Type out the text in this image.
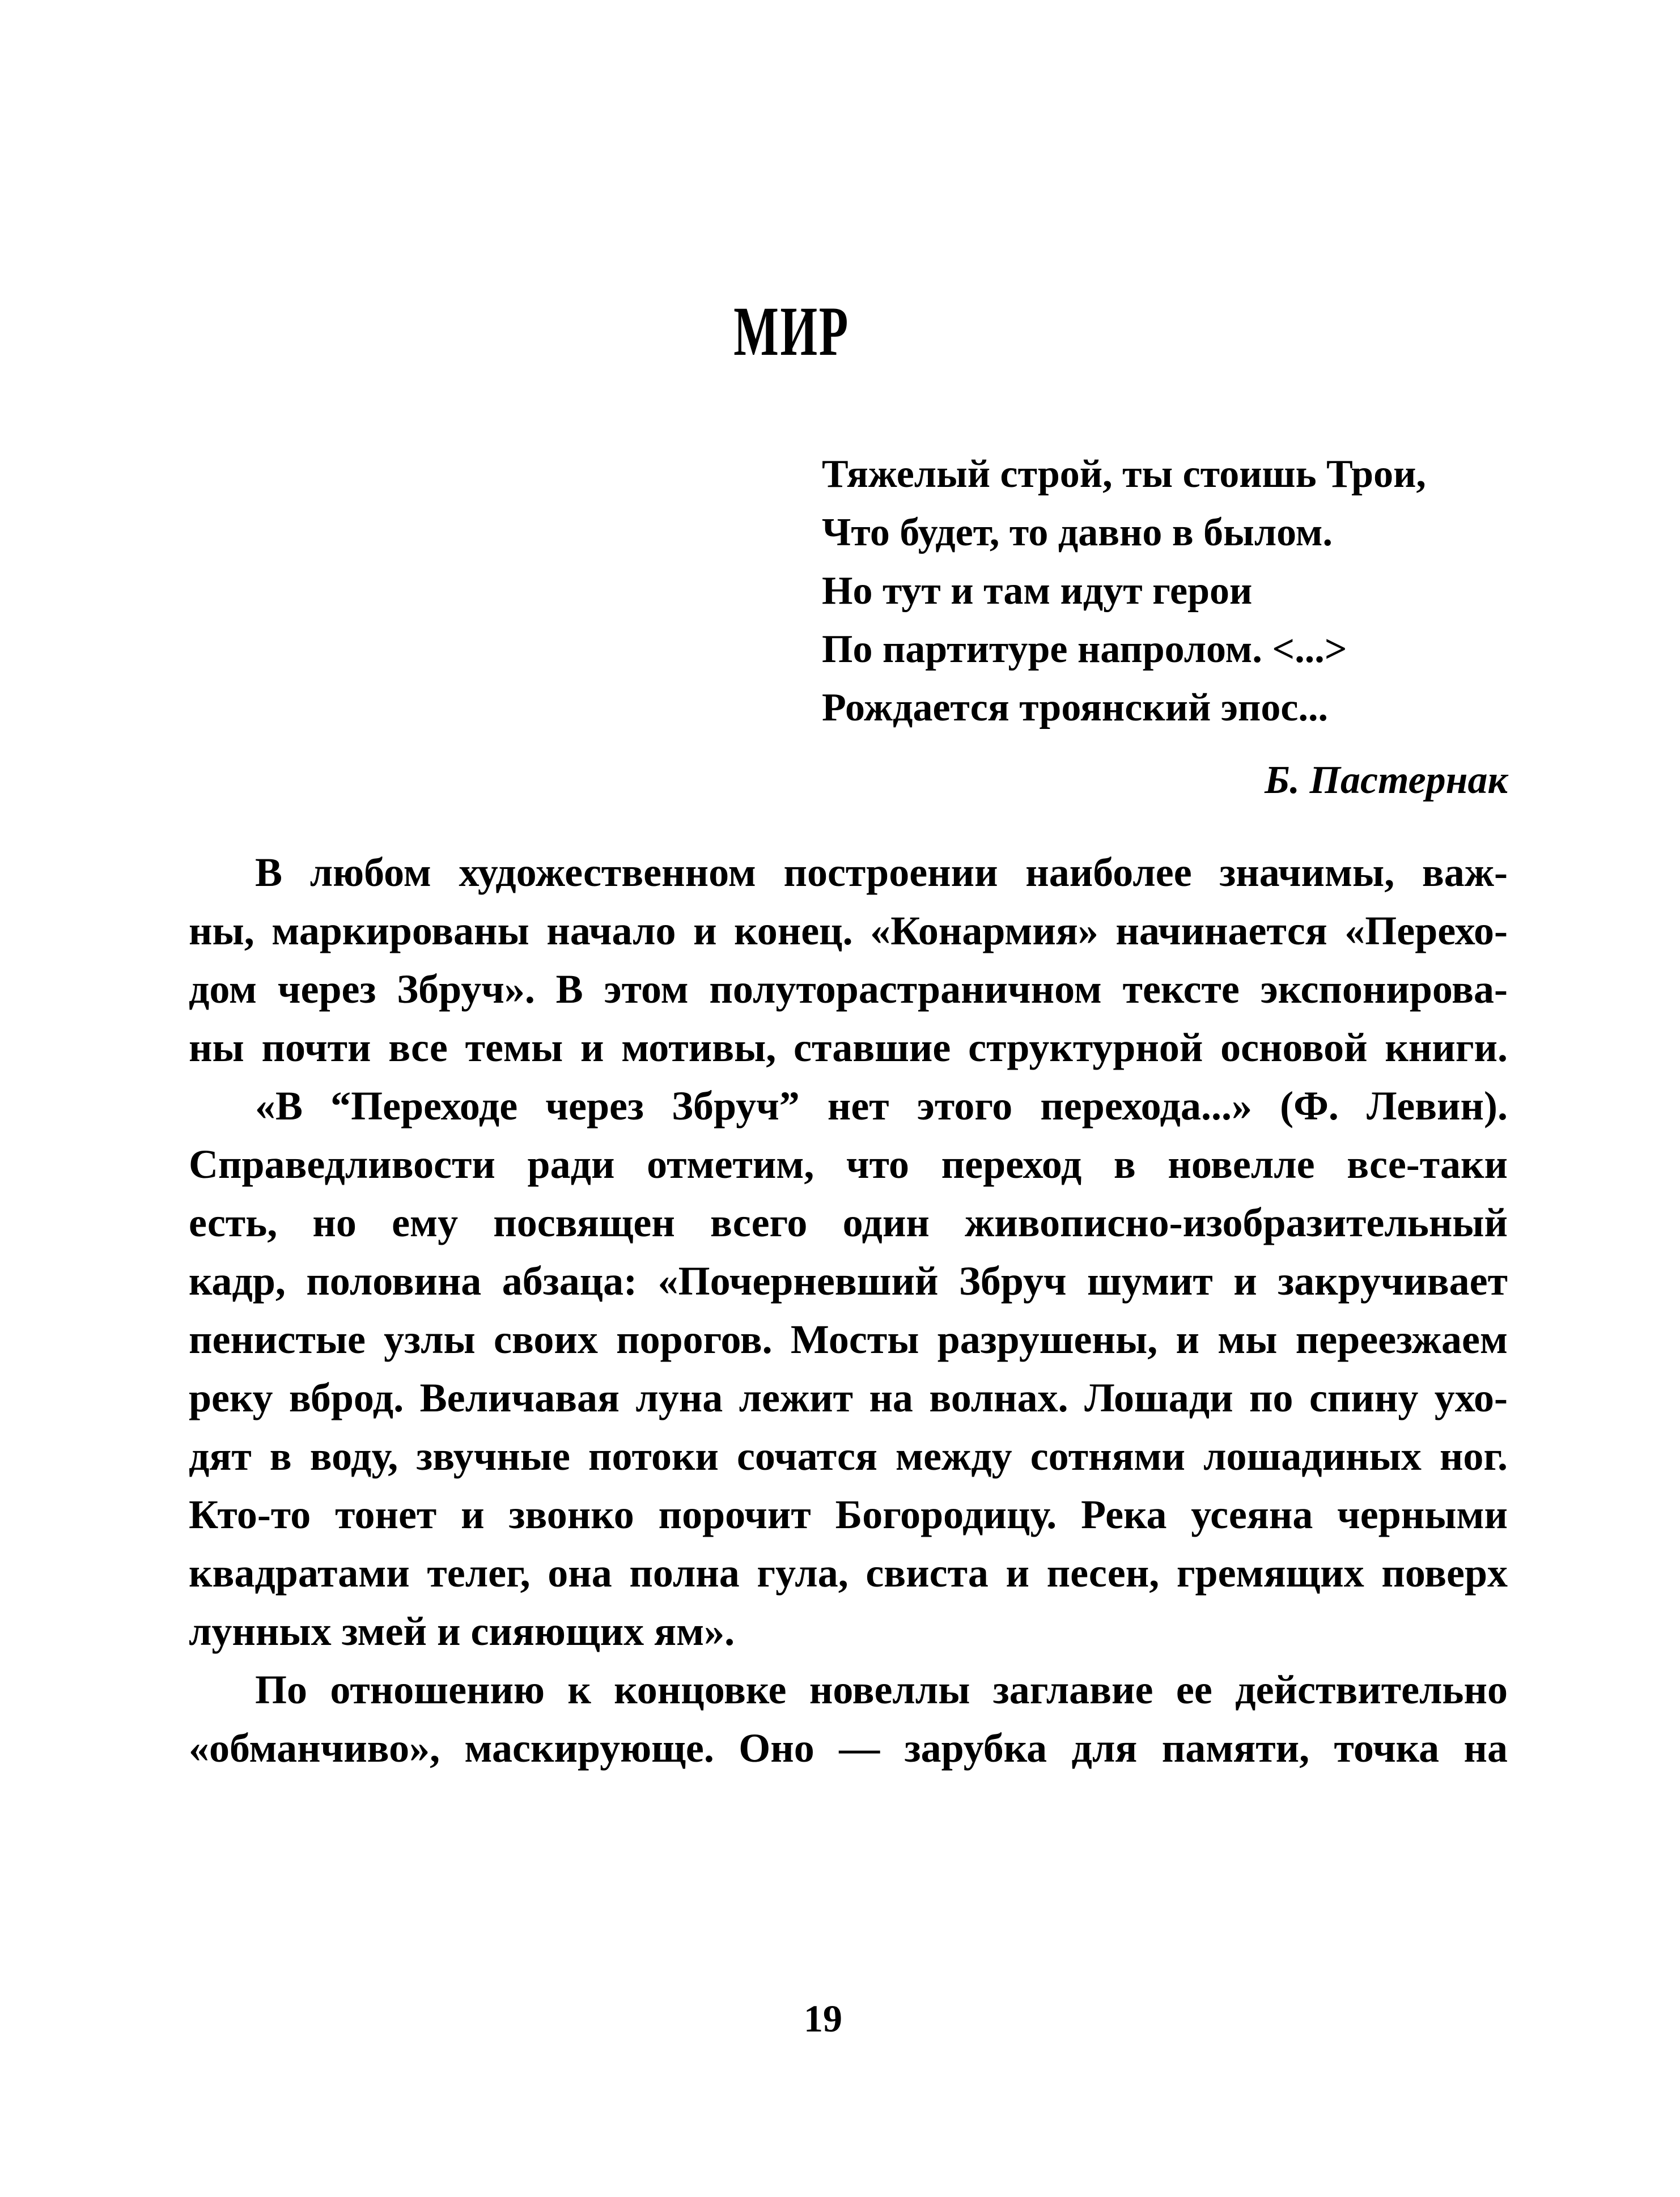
МИР
Тяжелый строй, ты стоишь Трои,
Что будет, то давно в былом.
Но тут и там идут герои
По партитуре напролом. <...>
Рождается троянский эпос...
Б. Пастернак
В любом художественном построении наиболее значимы, важ-
ны, маркированы начало и конец. «Конармия» начинается «Перехо-
дом через Збруч». В этом полуторастраничном тексте экспонирова-
ны почти все темы и мотивы, ставшие структурной основой книги.
«В “Переходе через Збруч” нет этого перехода...» (Ф. Левин).
Справедливости ради отметим, что переход в новелле все-таки
есть, но ему посвящен всего один живописно-изобразительный
кадр, половина абзаца: «Почерневший Збруч шумит и закручивает
пенистые узлы своих порогов. Мосты разрушены, и мы переезжаем
реку вброд. Величавая луна лежит на волнах. Лошади по спину ухо-
дят в воду, звучные потоки сочатся между сотнями лошадиных ног.
Кто-то тонет и звонко порочит Богородицу. Река усеяна черными
квадратами телег, она полна гула, свиста и песен, гремящих поверх
лунных змей и сияющих ям».
По отношению к концовке новеллы заглавие ее действительно
«обманчиво», маскирующе. Оно — зарубка для памяти, точка на
19
